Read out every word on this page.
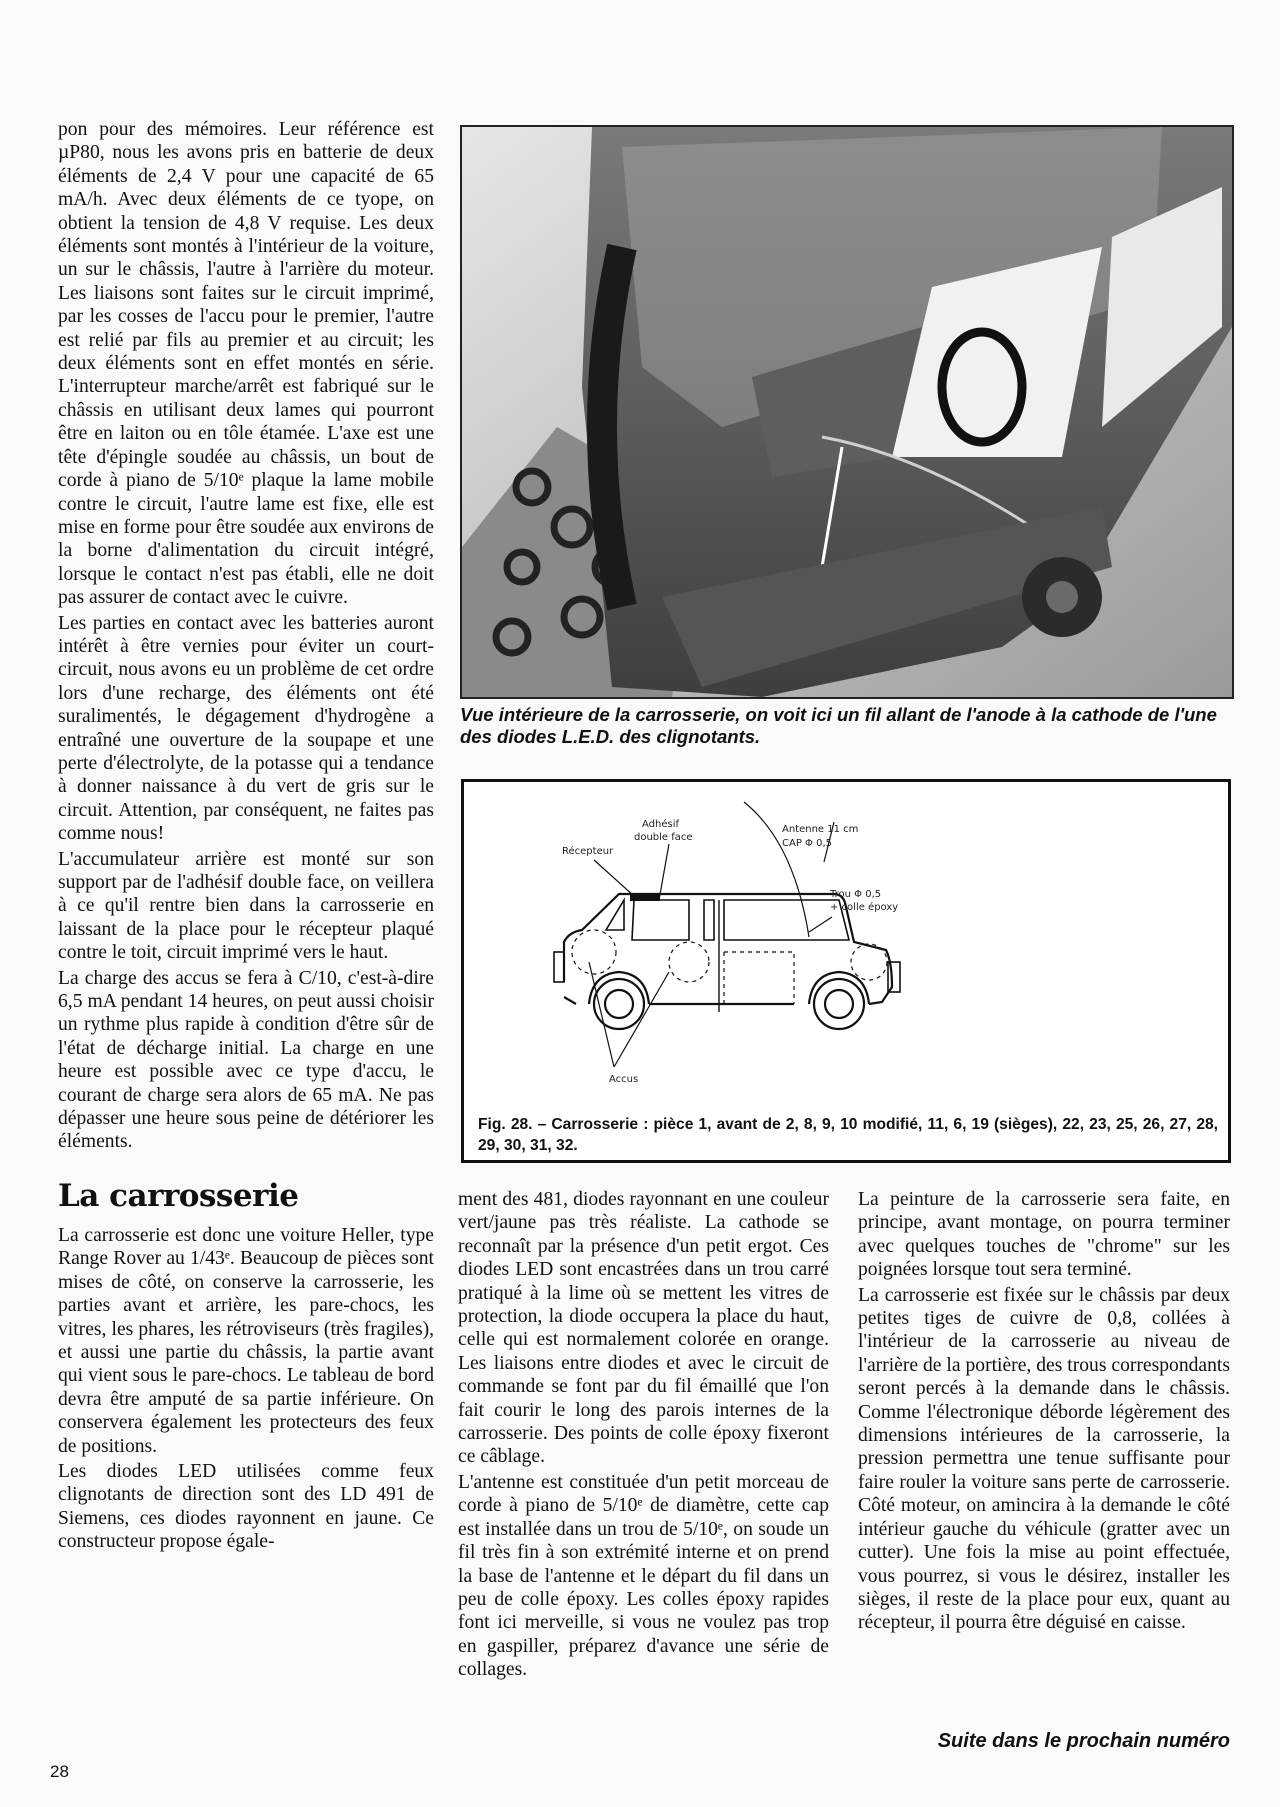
pon pour des mémoires. Leur référence est µP80, nous les avons pris en batterie de deux éléments de 2,4 V pour une capacité de 65 mA/h. Avec deux éléments de ce tyope, on obtient la tension de 4,8 V requise. Les deux éléments sont montés à l'intérieur de la voiture, un sur le châssis, l'autre à l'arrière du moteur. Les liaisons sont faites sur le circuit imprimé, par les cosses de l'accu pour le premier, l'autre est relié par fils au premier et au circuit; les deux éléments sont en effet montés en série. L'interrupteur marche/arrêt est fabriqué sur le châssis en utilisant deux lames qui pourront être en laiton ou en tôle étamée. L'axe est une tête d'épingle soudée au châssis, un bout de corde à piano de 5/10ᵉ plaque la lame mobile contre le circuit, l'autre lame est fixe, elle est mise en forme pour être soudée aux environs de la borne d'alimentation du circuit intégré, lorsque le contact n'est pas établi, elle ne doit pas assurer de contact avec le cuivre.

Les parties en contact avec les batteries auront intérêt à être vernies pour éviter un court-circuit, nous avons eu un problème de cet ordre lors d'une recharge, des éléments ont été suralimentés, le dégagement d'hydrogène a entraîné une ouverture de la soupape et une perte d'électrolyte, de la potasse qui a tendance à donner naissance à du vert de gris sur le circuit. Attention, par conséquent, ne faites pas comme nous!

L'accumulateur arrière est monté sur son support par de l'adhésif double face, on veillera à ce qu'il rentre bien dans la carrosserie en laissant de la place pour le récepteur plaqué contre le toit, circuit imprimé vers le haut.

La charge des accus se fera à C/10, c'est-à-dire 6,5 mA pendant 14 heures, on peut aussi choisir un rythme plus rapide à condition d'être sûr de l'état de décharge initial. La charge en une heure est possible avec ce type d'accu, le courant de charge sera alors de 65 mA. Ne pas dépasser une heure sous peine de détériorer les éléments.

La carrosserie

La carrosserie est donc une voiture Heller, type Range Rover au 1/43ᵉ. Beaucoup de pièces sont mises de côté, on conserve la carrosserie, les parties avant et arrière, les pare-chocs, les vitres, les phares, les rétroviseurs (très fragiles), et aussi une partie du châssis, la partie avant qui vient sous le pare-chocs. Le tableau de bord devra être amputé de sa partie inférieure. On conservera également les protecteurs des feux de positions.

Les diodes LED utilisées comme feux clignotants de direction sont des LD 491 de Siemens, ces diodes rayonnent en jaune. Ce constructeur propose égale-

Vue intérieure de la carrosserie, on voit ici un fil allant de l'anode à la cathode de l'une des diodes L.E.D. des clignotants.
Adhésif
double face
Récepteur
Antenne 11 cm
CAP Φ 0,5
Trou Φ 0,5
+ colle époxy
Accus
Fig. 28. – Carrosserie : pièce 1, avant de 2, 8, 9, 10 modifié, 11, 6, 19 (sièges), 22, 23, 25, 26, 27, 28, 29, 30, 31, 32.

ment des 481, diodes rayonnant en une couleur vert/jaune pas très réaliste. La cathode se reconnaît par la présence d'un petit ergot. Ces diodes LED sont encastrées dans un trou carré pratiqué à la lime où se mettent les vitres de protection, la diode occupera la place du haut, celle qui est normalement colorée en orange. Les liaisons entre diodes et avec le circuit de commande se font par du fil émaillé que l'on fait courir le long des parois internes de la carrosserie. Des points de colle époxy fixeront ce câblage.

L'antenne est constituée d'un petit morceau de corde à piano de 5/10ᵉ de diamètre, cette cap est installée dans un trou de 5/10ᵉ, on soude un fil très fin à son extrémité interne et on prend la base de l'antenne et le départ du fil dans un peu de colle époxy. Les colles époxy rapides font ici merveille, si vous ne voulez pas trop en gaspiller, préparez d'avance une série de collages.

La peinture de la carrosserie sera faite, en principe, avant montage, on pourra terminer avec quelques touches de "chrome" sur les poignées lorsque tout sera terminé.

La carrosserie est fixée sur le châssis par deux petites tiges de cuivre de 0,8, collées à l'intérieur de la carrosserie au niveau de l'arrière de la portière, des trous correspondants seront percés à la demande dans le châssis. Comme l'électronique déborde légèrement des dimensions intérieures de la carrosserie, la pression permettra une tenue suffisante pour faire rouler la voiture sans perte de carrosserie. Côté moteur, on amincira à la demande le côté intérieur gauche du véhicule (gratter avec un cutter). Une fois la mise au point effectuée, vous pourrez, si vous le désirez, installer les sièges, il reste de la place pour eux, quant au récepteur, il pourra être déguisé en caisse.

Suite dans le prochain numéro
28
